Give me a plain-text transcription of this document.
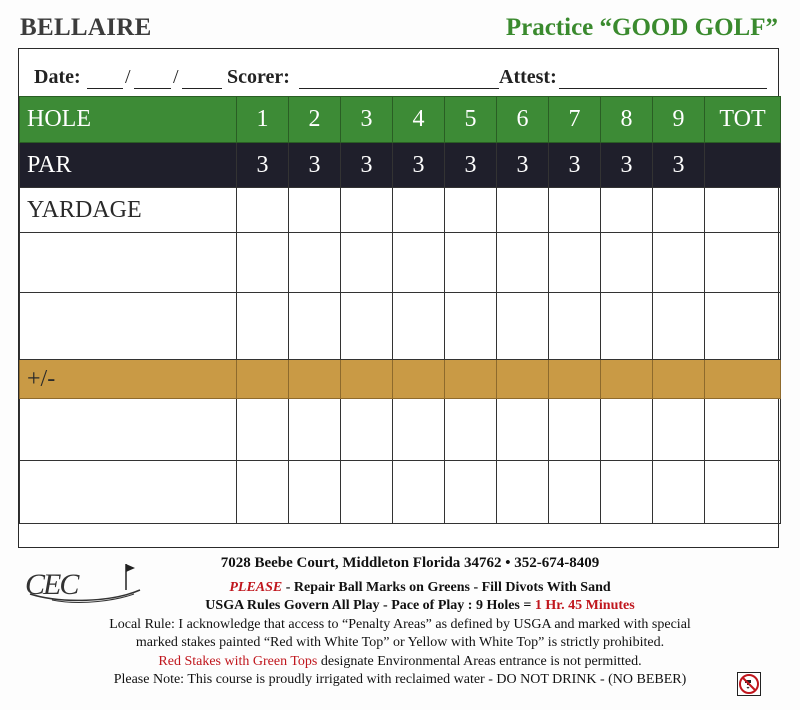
BELLAIRE	Practice “GOOD GOLF”
Date: / / Scorer:	Attest:
HOLE	1	2	3	4	5	6	7	8	9	TOT
PAR	3	3	3	3	3	3	3	3	3	
YARDAGE										

+/-										

CEC
7028 Beebe Court, Middleton Florida 34762 • 352-674-8409
PLEASE - Repair Ball Marks on Greens - Fill Divots With Sand
USGA Rules Govern All Play - Pace of Play : 9 Holes = 1 Hr. 45 Minutes
Local Rule: I acknowledge that access to “Penalty Areas” as defined by USGA and marked with special
marked stakes painted “Red with White Top” or Yellow with White Top” is strictly prohibited.
Red Stakes with Green Tops designate Environmental Areas entrance is not permitted.
Please Note: This course is proudly irrigated with reclaimed water - DO NOT DRINK - (NO BEBER)
